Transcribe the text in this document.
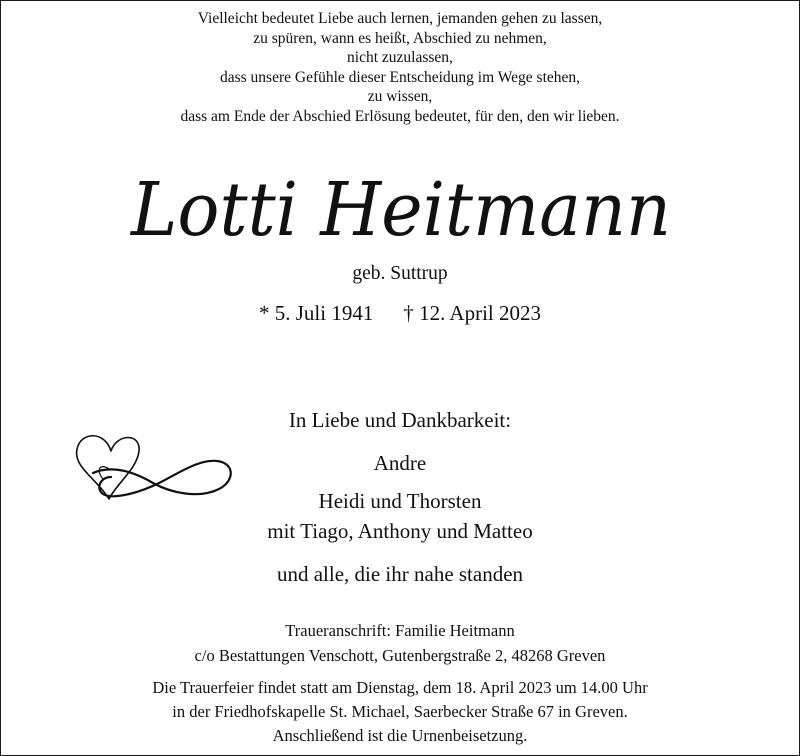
Vielleicht bedeutet Liebe auch lernen, jemanden gehen zu lassen,
zu spüren, wann es heißt, Abschied zu nehmen,
nicht zuzulassen,
dass unsere Gefühle dieser Entscheidung im Wege stehen,
zu wissen,
dass am Ende der Abschied Erlösung bedeutet, für den, den wir lieben.
Lotti Heitmann
geb. Suttrup
* 5. Juli 1941 † 12. April 2023
In Liebe und Dankbarkeit:
Andre
Heidi und Thorsten
mit Tiago, Anthony und Matteo
und alle, die ihr nahe standen
Traueranschrift: Familie Heitmann
c/o Bestattungen Venschott, Gutenbergstraße 2, 48268 Greven
Die Trauerfeier findet statt am Dienstag, dem 18. April 2023 um 14.00 Uhr
in der Friedhofskapelle St. Michael, Saerbecker Straße 67 in Greven.
Anschließend ist die Urnenbeisetzung.
